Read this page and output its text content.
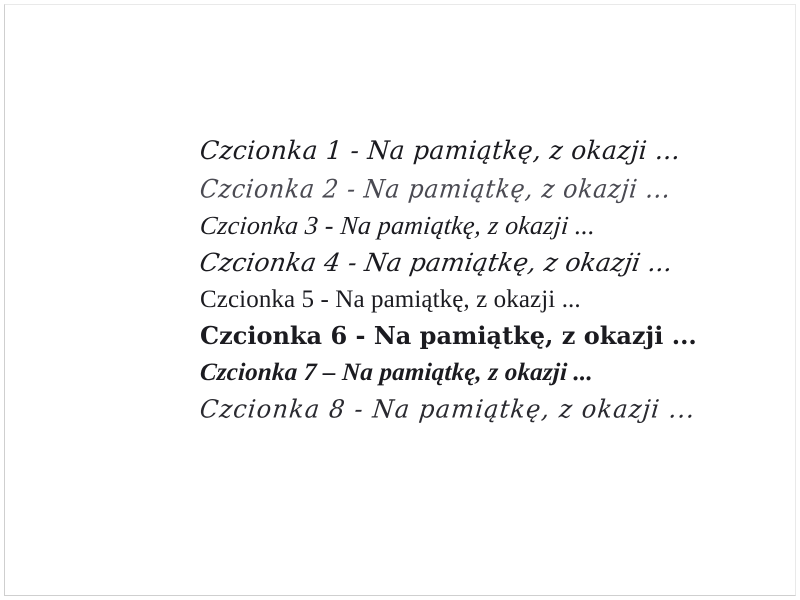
Czcionka 1 - Na pamiątkę, z okazji ...
Czcionka 2 - Na pamiątkę, z okazji ...
Czcionka 3 - Na pamiątkę, z okazji ...
Czcionka 4 - Na pamiątkę, z okazji ...
Czcionka 5 - Na pamiątkę, z okazji ...
Czcionka 6 - Na pamiątkę, z okazji ...
Czcionka 7 – Na pamiątkę, z okazji ...
Czcionka 8 - Na pamiątkę, z okazji ...
